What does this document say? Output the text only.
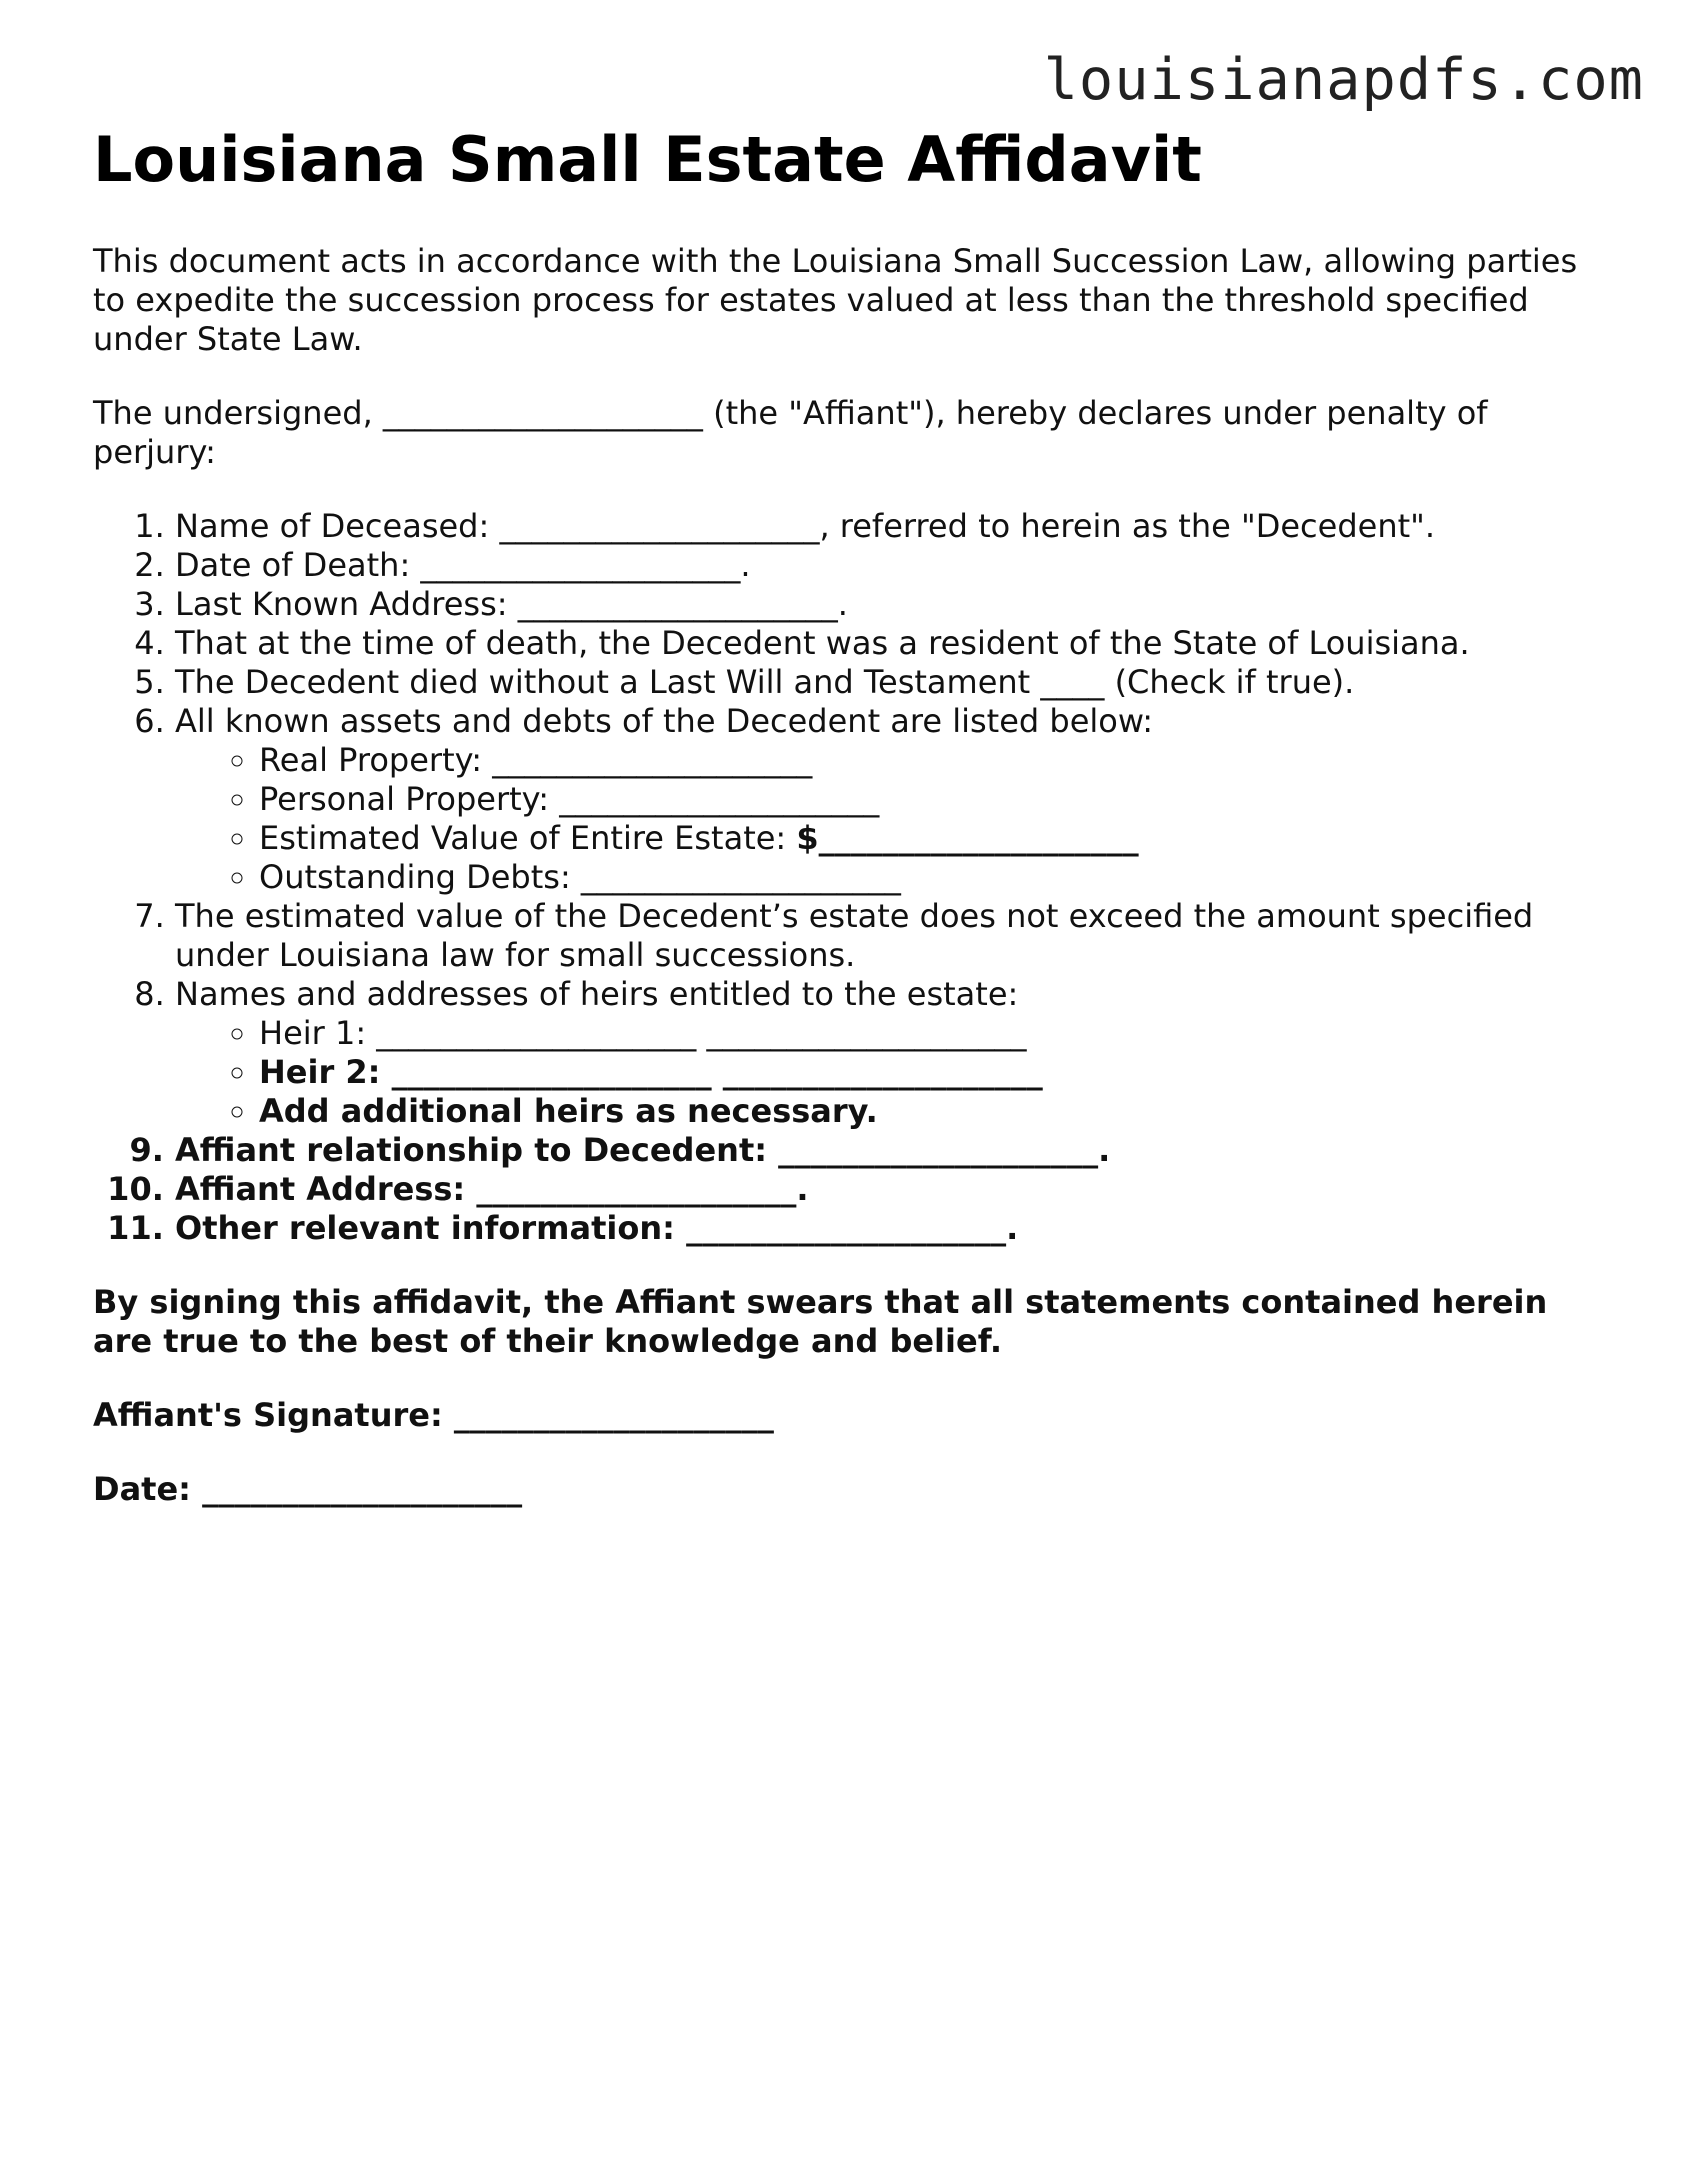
louisianapdfs.com
Louisiana Small Estate Affidavit

This document acts in accordance with the Louisiana Small Succession Law, allowing parties to expedite the succession process for estates valued at less than the threshold specified under State Law.

The undersigned, ____________________ (the "Affiant"), hereby declares under penalty of perjury:

1. Name of Deceased: ____________________, referred to herein as the "Decedent".
2. Date of Death: ____________________.
3. Last Known Address: ____________________.
4. That at the time of death, the Decedent was a resident of the State of Louisiana.
5. The Decedent died without a Last Will and Testament ____ (Check if true).
6. All known assets and debts of the Decedent are listed below:
◦ Real Property: ____________________
◦ Personal Property: ____________________
◦ Estimated Value of Entire Estate: $____________________
◦ Outstanding Debts: ____________________
7. The estimated value of the Decedent’s estate does not exceed the amount specified under Louisiana law for small successions.
8. Names and addresses of heirs entitled to the estate:
◦ Heir 1: ____________________ ____________________
◦ Heir 2: ____________________ ____________________
◦ Add additional heirs as necessary.
9. Affiant relationship to Decedent: ____________________.
10. Affiant Address: ____________________.
11. Other relevant information: ____________________.

By signing this affidavit, the Affiant swears that all statements contained herein are true to the best of their knowledge and belief.

Affiant's Signature: ____________________

Date: ____________________
